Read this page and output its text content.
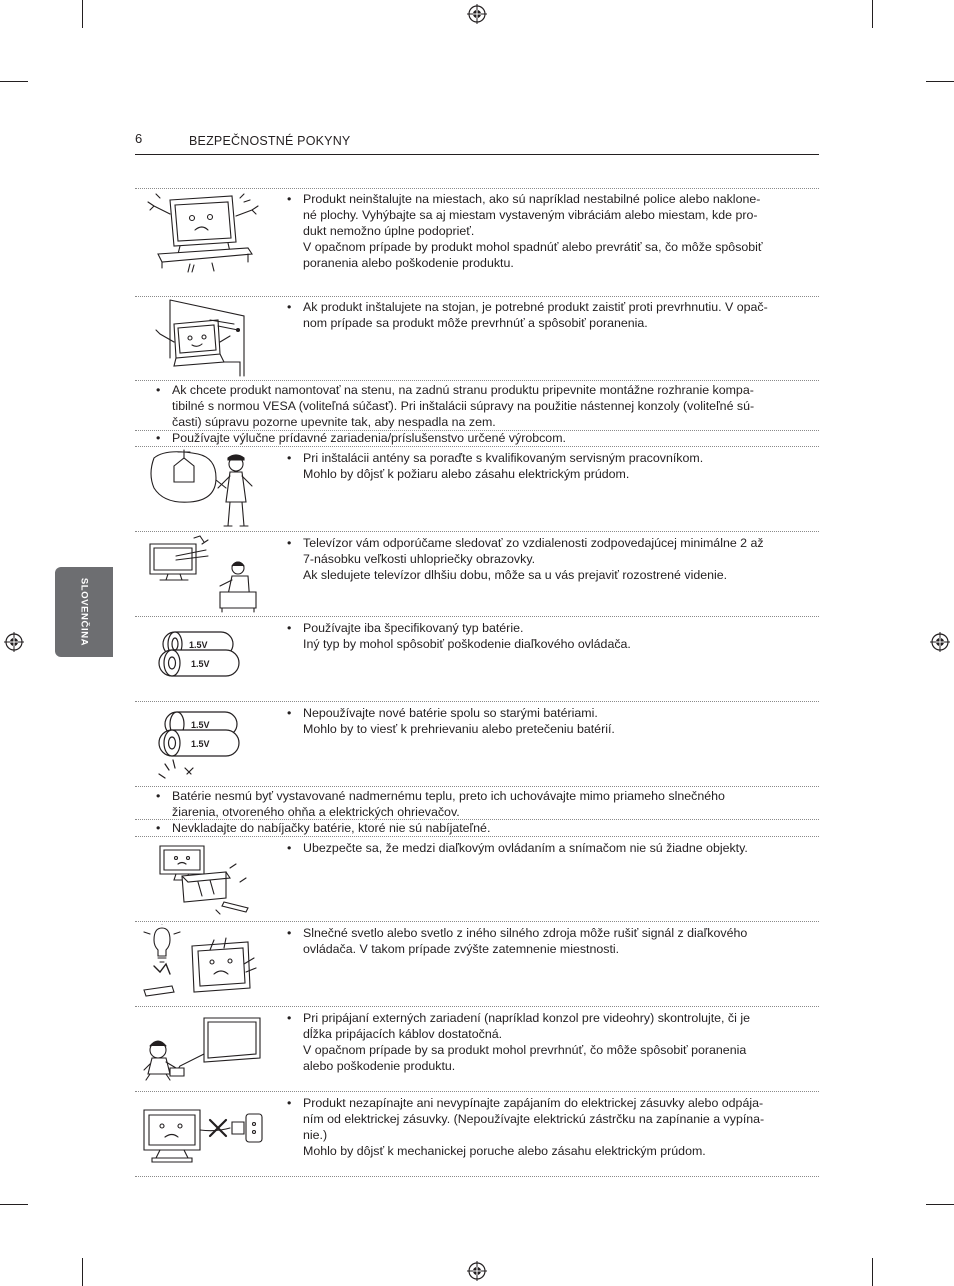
6	BEZPEČNOSTNÉ POKYNY
SLOVENČINA
• Produkt neinštalujte na miestach, ako sú napríklad nestabilné police alebo naklone-
né plochy. Vyhýbajte sa aj miestam vystaveným vibráciám alebo miestam, kde pro-
dukt nemožno úplne podoprieť.
V opačnom prípade by produkt mohol spadnúť alebo prevrátiť sa, čo môže spôsobiť
poranenia alebo poškodenie produktu.

• Ak produkt inštalujete na stojan, je potrebné produkt zaistiť proti prevrhnutiu. V opač-
nom prípade sa produkt môže prevrhnúť a spôsobiť poranenia.

• Ak chcete produkt namontovať na stenu, na zadnú stranu produktu pripevnite montážne rozhranie kompa-
tibilné s normou VESA (voliteľná súčasť). Pri inštalácii súpravy na použitie nástennej konzoly (voliteľné sú-
časti) súpravu pozorne upevnite tak, aby nespadla na zem.

• Používajte výlučne prídavné zariadenia/príslušenstvo určené výrobcom.

• Pri inštalácii antény sa poraďte s kvalifikovaným servisným pracovníkom.
Mohlo by dôjsť k požiaru alebo zásahu elektrickým prúdom.

• Televízor vám odporúčame sledovať zo vzdialenosti zodpovedajúcej minimálne 2 až
7-násobku veľkosti uhlopriečky obrazovky.
Ak sledujete televízor dlhšiu dobu, môže sa u vás prejaviť rozostrené videnie.

• Používajte iba špecifikovaný typ batérie.
Iný typ by mohol spôsobiť poškodenie diaľkového ovládača.

• Nepoužívajte nové batérie spolu so starými batériami.
Mohlo by to viesť k prehrievaniu alebo pretečeniu batérií.

• Batérie nesmú byť vystavované nadmernému teplu, preto ich uchovávajte mimo priameho slnečného
žiarenia, otvoreného ohňa a elektrických ohrievačov.

• Nevkladajte do nabíjačky batérie, ktoré nie sú nabíjateľné.

• Ubezpečte sa, že medzi diaľkovým ovládaním a snímačom nie sú žiadne objekty.

• Slnečné svetlo alebo svetlo z iného silného zdroja môže rušiť signál z diaľkového
ovládača. V takom prípade zvýšte zatemnenie miestnosti.

• Pri pripájaní externých zariadení (napríklad konzol pre videohry) skontrolujte, či je
dĺžka pripájacích káblov dostatočná.
V opačnom prípade by sa produkt mohol prevrhnúť, čo môže spôsobiť poranenia
alebo poškodenie produktu.

• Produkt nezapínajte ani nevypínajte zapájaním do elektrickej zásuvky alebo odpája-
ním od elektrickej zásuvky. (Nepoužívajte elektrickú zástrčku na zapínanie a vypína-
nie.)
Mohlo by dôjsť k mechanickej poruche alebo zásahu elektrickým prúdom.

1.5V
1.5V
1.5V
1.5V
